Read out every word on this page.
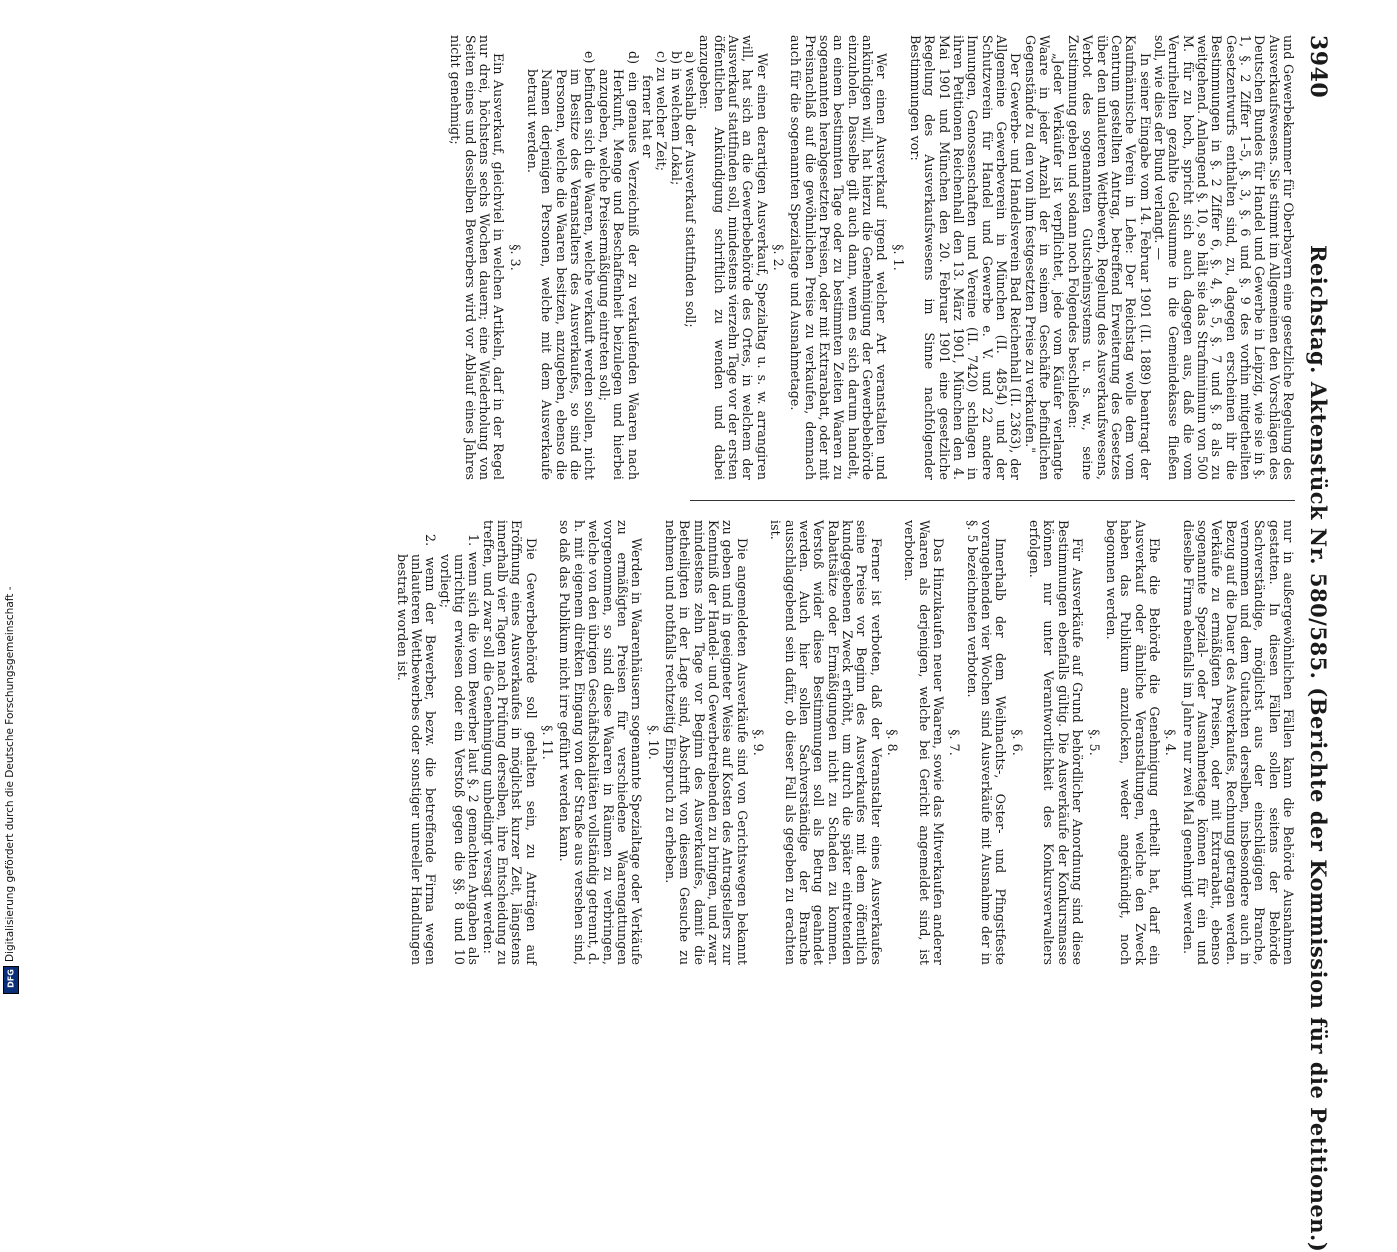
3940
Reichstag. Aktenstück Nr. 580/585. (Berichte der Kommission für die Petitionen.)

und Gewerbekammer für Oberbayern eine gesetzliche Regelung des Ausverkaufswesens. Sie stimmt im Allgemeinen den Vorschlägen des Deutschen Bundes für Handel und Gewerbe in Leipzig, wie sie in §. 1, §. 2 Ziffer 1–5, §. 3, §. 6 und §. 9 des vorhin mitgetheilten Gesetzentwurfs enthalten sind, zu, dagegen erscheinen ihr die Bestimmungen in §. 2 Ziffer 6, §. 4, §. 5, §. 7 und §. 8 als zu weitgehend. Anlangend §. 10, so hält sie das Strafminimum von 500 M. für zu hoch, spricht sich auch dagegen aus, daß die vom Veruriheilten gezahlte Geldsumme in die Gemeindekasse fließen soll, wie dies der Bund verlangt. —

In seiner Eingabe vom 14. Februar 1901 (II. 1889) beantragt der Kaufmännische Verein in Lehe: Der Reichstag wolle dem vom Centrum gestellten Antrag, betreffend Erweiterung des Gesetzes über den unlauteren Wettbewerb, Regelung des Ausverkaufswesens, Verbot des sogenannten Gutscheinsystems u. s. w., seine Zustimmung geben und sodann noch Folgendes beschließen:

„Jeder Verkäufer ist verpflichtet, jede vom Käufer verlangte Waare in jeder Anzahl der in seinem Geschäfte befindlichen Gegenstände zu den von ihm festgesetzten Preise zu verkaufen."

Der Gewerbe- und Handelsverein Bad Reichenhall (II. 2363), der Allgemeine Gewerbeverein in München (II. 4854) und der Schutzverein für Handel und Gewerbe e. V. und 22 andere Innungen, Genossenschaften und Vereine (II. 7420) schlagen in ihren Petitionen Reichenhall den 13. März 1901, München den 4. Mai 1901 und München den 20. Februar 1901 eine gesetzliche Regelung des Ausverkaufswesens im Sinne nachfolgender Bestimmungen vor:

§. 1.

Wer einen Ausverkauf irgend welcher Art veranstalten und ankündigen will, hat hierzu die Genehmigung der Gewerbebehörde einzuholen. Dasselbe gilt auch dann, wenn es sich darum handelt, an einem bestimmten Tage oder zu bestimmten Zeiten Waaren zu sogenannten herabgesetzten Preisen, oder mit Extrarabatt, oder mit Preisnachlaß auf die gewöhnlichen Preise zu verkaufen, demnach auch für die sogenannten Spezialtage und Ausnahmetage.

§. 2.

Wer einen derartigen Ausverkauf, Spezialtag u. s. w. arrangiren will, hat sich an die Gewerbebehörde des Ortes, in welchem der Ausverkauf stattfinden soll, mindestens vierzehn Tage vor der ersten öffentlichen Ankündigung schriftlich zu wenden und dabei anzugeben:

a) weshalb der Ausverkauf stattfinden soll;

b) in welchem Lokal;

c) zu welcher Zeit;

ferner hat er

d) ein genaues Verzeichniß der zu verkaufenden Waaren nach Herkunft, Menge und Beschaffenheit beizulegen und hierbei anzugeben, welche Preisermäßigung eintreten soll;

e) befinden sich die Waaren, welche verkauft werden sollen, nicht im Besitze des Veranstalters des Ausverkaufes, so sind die Personen, welche die Waaren besitzen, anzugeben, ebenso die Namen derjenigen Personen, welche mit dem Ausverkaufe betraut werden.

§. 3.

Ein Ausverkauf, gleichviel in welchen Artikeln, darf in der Regel nur drei, höchstens sechs Wochen dauern; eine Wiederholung von Seiten eines und desselben Bewerbers wird vor Ablauf eines Jahres nicht genehmigt;

nur in außergewöhnlichen Fällen kann die Behörde Ausnahmen gestatten. In diesen Fällen sollen seitens der Behörde Sachverständige, möglichst aus der einschlägigen Branche, vernommen und dem Gutachten derselben, insbesondere auch in Bezug auf die Dauer des Ausverkaufes, Rechnung getragen werden. Verkäufe zu ermäßigten Preisen, oder mit Extrarabatt, ebenso sogenannte Spezial- oder Ausnahmetage können für ein und dieselbe Firma ebenfalls im Jahre nur zwei Mal genehmigt werden.

§. 4.

Ehe die Behörde die Genehmigung ertheilt hat, darf ein Ausverkauf oder ähnliche Veranstaltungen, welche den Zweck haben das Publikum anzulocken, weder angekündigt, noch begonnen werden.

§. 5.

Für Ausverkäufe auf Grund behördlicher Anordnung sind diese Bestimmungen ebenfalls gültig. Die Ausverkäufe der Konkursmasse können nur unter Verantwortlichkeit des Konkursverwalters erfolgen.

§. 6.

Innerhalb der dem Weihnachts-, Oster- und Pfingstfeste vorangehenden vier Wochen sind Ausverkäufe mit Ausnahme der in §. 5 bezeichneten verboten.

§. 7.

Das Hinzukaufen neuer Waaren, sowie das Mitverkaufen anderer Waaren als derjenigen, welche bei Gericht angemeldet sind, ist verboten.

§. 8.

Ferner ist verboten, daß der Veranstalter eines Ausverkaufes seine Preise vor Beginn des Ausverkaufes mit dem öffentlich kundgegebenen Zweck erhöht, um durch die später eintretenden Rabattsätze oder Ermäßigungen nicht zu Schaden zu kommen. Verstoß wider diese Bestimmungen soll als Betrug geahndet werden. Auch hier sollen Sachverständige der Branche ausschlaggebend sein dafür, ob dieser Fall als gegeben zu erachten ist.

§. 9.

Die angemeldeten Ausverkäufe sind von Gerichtswegen bekannt zu geben und in geeigneter Weise auf Kosten des Antragstellers zur Kenntniß der Handel- und Gewerbetreibenden zu bringen, und zwar mindestens zehn Tage vor Beginn des Ausverkaufes, damit die Betheiligten in der Lage sind, Abschrift von diesem Gesuche zu nehmen und nothfalls rechtzeitig Einspruch zu erheben.

§. 10.

Werden in Waarenhäusern sogenannte Spezialtage oder Verkäufe zu ermäßigten Preisen für verschiedene Waarengattungen vorgenommen, so sind diese Waaren in Räumen zu verbringen, welche von den übrigen Geschäftslokalitäten vollständig getrennt, d. h. mit eigenem direkten Eingang von der Straße aus versehen sind, so daß das Publikum nicht irre geführt werden kann.

§. 11.

Die Gewerbebehörde soll gehalten sein, zu Anträgen auf Eröffnung eines Ausverkaufes in möglichst kurzer Zeit, längstens innerhalb vier Tagen nach Prüfung derselben, ihre Entscheidung zu treffen, und zwar soll die Genehmigung unbedingt versagt werden:

1. wenn sich die vom Bewerber laut §. 2 gemachten Angaben als unrichtig erwiesen oder ein Verstoß gegen die §§. 8 und 10 vorliegt;

2. wenn der Bewerber, bezw. die betreffende Firma wegen unlauteren Wettbewerbes oder sonstiger unreeller Handlungen bestraft worden ist.

Digitalisierung gefördert durch die Deutsche Forschungsgemeinschaft -
DFG
